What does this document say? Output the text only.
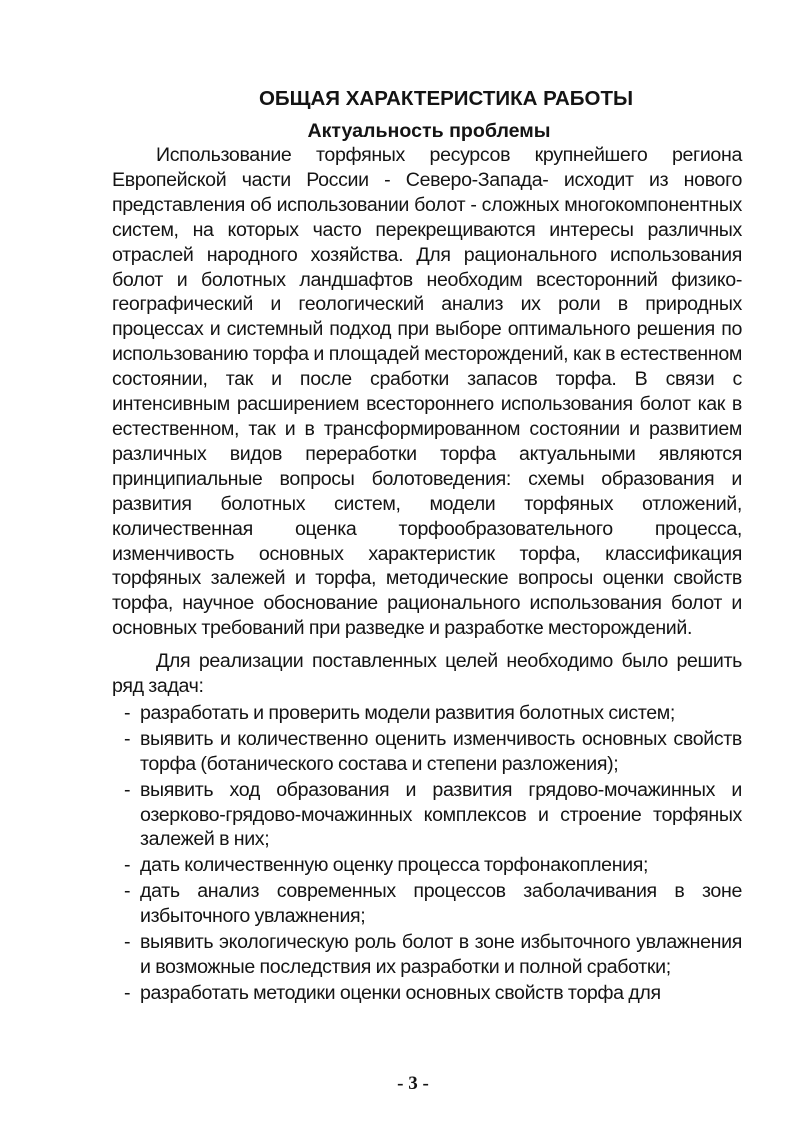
ОБЩАЯ ХАРАКТЕРИСТИКА РАБОТЫ
Актуальность проблемы

Использование торфяных ресурсов крупнейшего региона Европейской части России - Северо-Запада- исходит из нового представления об использовании болот - сложных многокомпонентных систем, на которых часто перекрещиваются интересы различных отраслей народного хозяйства. Для рационального использования болот и болотных ландшафтов необходим всесторонний физико-географический и геологический анализ их роли в природных процессах и системный подход при выборе оптимального решения по использованию торфа и площадей месторождений, как в естественном состоянии, так и после сработки запасов торфа. В связи с интенсивным расширением всестороннего использования болот как в естественном, так и в трансформированном состоянии и развитием различных видов переработки торфа актуальными являются принципиальные вопросы болотоведения: схемы образования и развития болотных систем, модели торфяных отложений, количественная оценка торфообразовательного процесса, изменчивость основных характеристик торфа, классификация торфяных залежей и торфа, методические вопросы оценки свойств торфа, научное обоснование рационального использования болот и основных требований при разведке и разработке месторождений.

Для реализации поставленных целей необходимо было решить ряд задач:

- разработать и проверить модели развития болотных систем;
- выявить и количественно оценить изменчивость основных свойств торфа (ботанического состава и степени разложения);
- выявить ход образования и развития грядово-мочажинных и озерково-грядово-мочажинных комплексов и строение торфяных залежей в них;
- дать количественную оценку процесса торфонакопления;
- дать анализ современных процессов заболачивания в зоне избыточного увлажнения;
- выявить экологическую роль болот в зоне избыточного увлажнения и возможные последствия их разработки и полной сработки;
- разработать методики оценки основных свойств торфа для
- 3 -
